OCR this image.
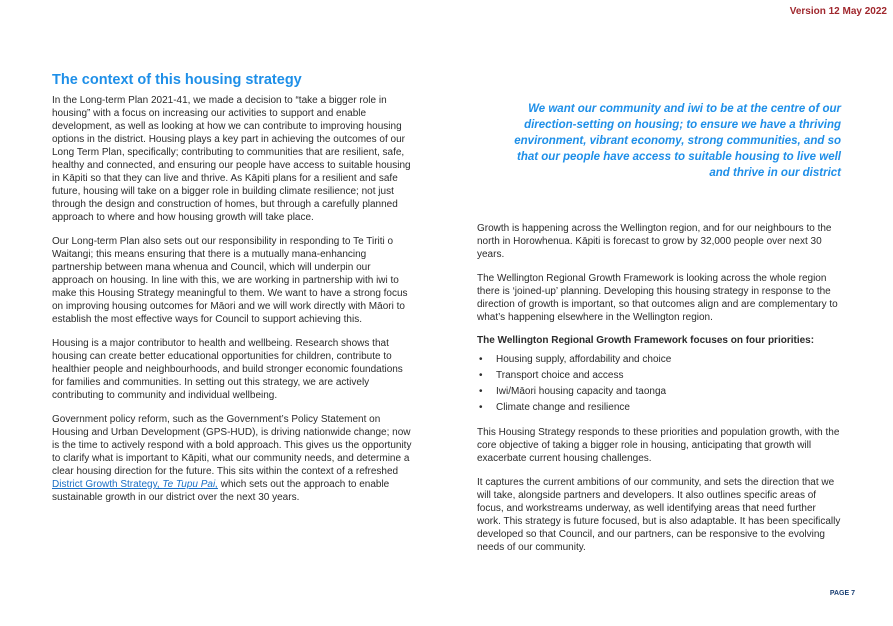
Version 12 May 2022
The context of this housing strategy

In the Long-term Plan 2021-41, we made a decision to “take a bigger role in housing” with a focus on increasing our activities to support and enable development, as well as looking at how we can contribute to improving housing options in the district. Housing plays a key part in achieving the outcomes of our Long Term Plan, specifically; contributing to communities that are resilient, safe, healthy and connected, and ensuring our people have access to suitable housing in Kāpiti so that they can live and thrive. As Kāpiti plans for a resilient and safe future, housing will take on a bigger role in building climate resilience; not just through the design and construction of homes, but through a carefully planned approach to where and how housing growth will take place.

Our Long-term Plan also sets out our responsibility in responding to Te Tiriti o Waitangi; this means ensuring that there is a mutually mana-enhancing partnership between mana whenua and Council, which will underpin our approach on housing. In line with this, we are working in partnership with iwi to make this Housing Strategy meaningful to them. We want to have a strong focus on improving housing outcomes for Māori and we will work directly with Māori to establish the most effective ways for Council to support achieving this.

Housing is a major contributor to health and wellbeing. Research shows that housing can create better educational opportunities for children, contribute to healthier people and neighbourhoods, and build stronger economic foundations for families and communities. In setting out this strategy, we are actively contributing to community and individual wellbeing.

Government policy reform, such as the Government’s Policy Statement on Housing and Urban Development (GPS-HUD), is driving nationwide change; now is the time to actively respond with a bold approach. This gives us the opportunity to clarify what is important to Kāpiti, what our community needs, and determine a clear housing direction for the future. This sits within the context of a refreshed District Growth Strategy, Te Tupu Pai, which sets out the approach to enable sustainable growth in our district over the next 30 years.

We want our community and iwi to be at the centre of our direction-setting on housing; to ensure we have a thriving environment, vibrant economy, strong communities, and so that our people have access to suitable housing to live well and thrive in our district

Growth is happening across the Wellington region, and for our neighbours to the north in Horowhenua. Kāpiti is forecast to grow by 32,000 people over next 30 years.

The Wellington Regional Growth Framework is looking across the whole region there is ‘joined-up’ planning. Developing this housing strategy in response to the direction of growth is important, so that outcomes align and are complementary to what’s happening elsewhere in the Wellington region.

The Wellington Regional Growth Framework focuses on four priorities:
• Housing supply, affordability and choice
• Transport choice and access
• Iwi/Māori housing capacity and taonga
• Climate change and resilience

This Housing Strategy responds to these priorities and population growth, with the core objective of taking a bigger role in housing, anticipating that growth will exacerbate current housing challenges.

It captures the current ambitions of our community, and sets the direction that we will take, alongside partners and developers. It also outlines specific areas of focus, and workstreams underway, as well identifying areas that need further work. This strategy is future focused, but is also adaptable. It has been specifically developed so that Council, and our partners, can be responsive to the evolving needs of our community.

PAGE 7
